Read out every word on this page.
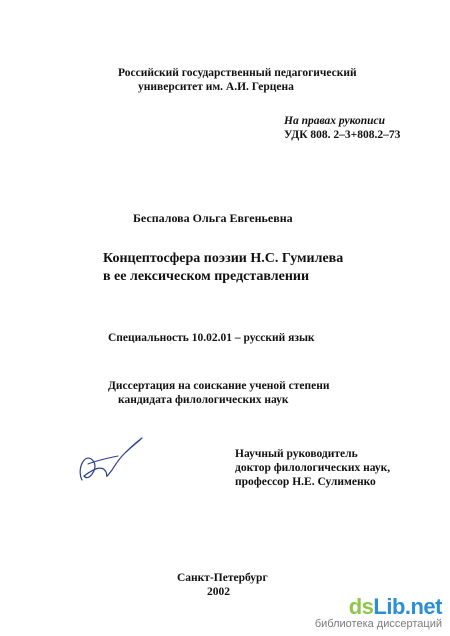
Российский государственный педагогический
университет им. А.И. Герцена
На правах рукописи
УДК 808. 2–3+808.2–73
Беспалова Ольга Евгеньевна
Концептосфера поэзии Н.С. Гумилева
в ее лексическом представлении
Специальность 10.02.01 – русский язык
Диссертация на соискание ученой степени
кандидата филологических наук
Научный руководитель
доктор филологических наук,
профессор Н.Е. Сулименко
Санкт-Петербург
2002
dsLib.net
библиотека диссертаций
